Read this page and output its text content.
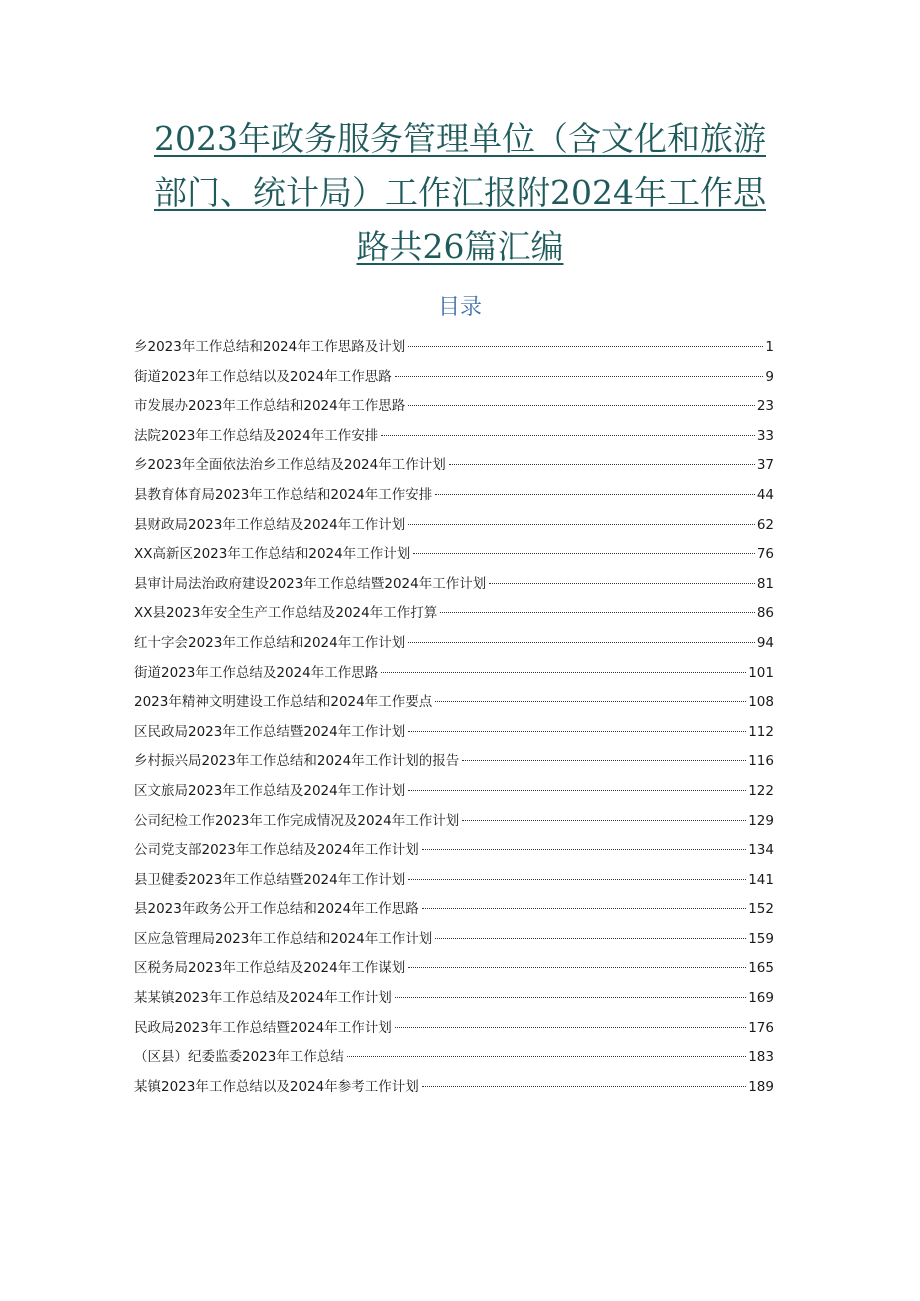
2023年政务服务管理单位（含文化和旅游部门、统计局）工作汇报附2024年工作思路共26篇汇编
目录
乡2023年工作总结和2024年工作思路及计划	1
街道2023年工作总结以及2024年工作思路	9
市发展办2023年工作总结和2024年工作思路	23
法院2023年工作总结及2024年工作安排	33
乡2023年全面依法治乡工作总结及2024年工作计划	37
县教育体育局2023年工作总结和2024年工作安排	44
县财政局2023年工作总结及2024年工作计划	62
XX高新区2023年工作总结和2024年工作计划	76
县审计局法治政府建设2023年工作总结暨2024年工作计划	81
XX县2023年安全生产工作总结及2024年工作打算	86
红十字会2023年工作总结和2024年工作计划	94
街道2023年工作总结及2024年工作思路	101
2023年精神文明建设工作总结和2024年工作要点	108
区民政局2023年工作总结暨2024年工作计划	112
乡村振兴局2023年工作总结和2024年工作计划的报告	116
区文旅局2023年工作总结及2024年工作计划	122
公司纪检工作2023年工作完成情况及2024年工作计划	129
公司党支部2023年工作总结及2024年工作计划	134
县卫健委2023年工作总结暨2024年工作计划	141
县2023年政务公开工作总结和2024年工作思路	152
区应急管理局2023年工作总结和2024年工作计划	159
区税务局2023年工作总结及2024年工作谋划	165
某某镇2023年工作总结及2024年工作计划	169
民政局2023年工作总结暨2024年工作计划	176
（区县）纪委监委2023年工作总结	183
某镇2023年工作总结以及2024年参考工作计划	189
